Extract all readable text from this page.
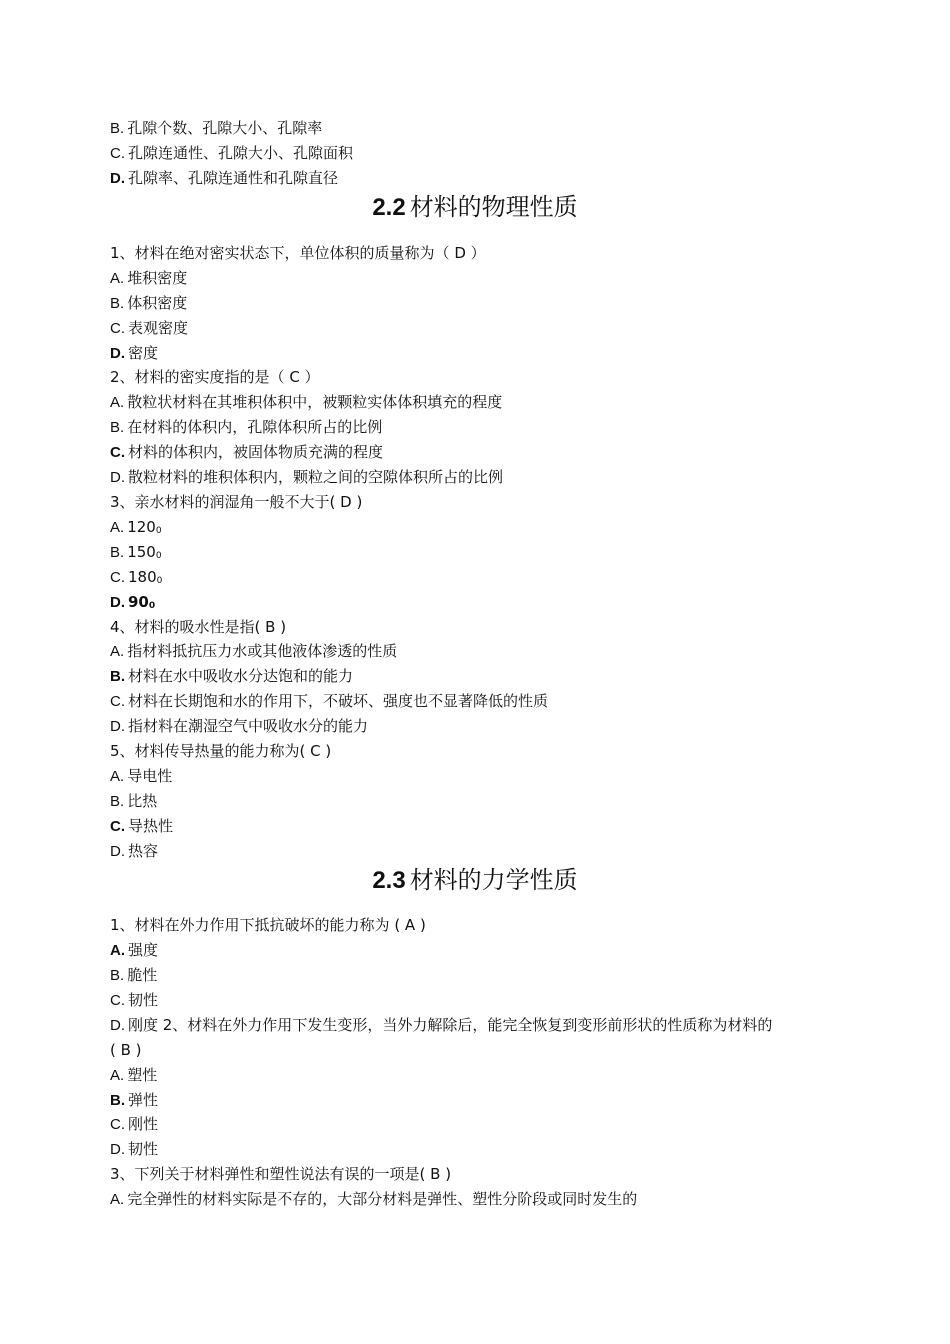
B. 孔隙个数、孔隙大小、孔隙率
C. 孔隙连通性、孔隙大小、孔隙面积
D. 孔隙率、孔隙连通性和孔隙直径
2.2 材料的物理性质
1、材料在绝对密实状态下，单位体积的质量称为（ D ）
A. 堆积密度
B. 体积密度
C. 表观密度
D. 密度
2、材料的密实度指的是（ C ）
A. 散粒状材料在其堆积体积中，被颗粒实体体积填充的程度
B. 在材料的体积内，孔隙体积所占的比例
C. 材料的体积内，被固体物质充满的程度
D. 散粒材料的堆积体积内，颗粒之间的空隙体积所占的比例
3、亲水材料的润湿角一般不大于( D )
A. 1200
B. 1500
C. 1800
D. 900
4、材料的吸水性是指( B )
A. 指材料抵抗压力水或其他液体渗透的性质
B. 材料在水中吸收水分达饱和的能力
C. 材料在长期饱和水的作用下，不破坏、强度也不显著降低的性质
D. 指材料在潮湿空气中吸收水分的能力
5、材料传导热量的能力称为( C )
A. 导电性
B. 比热
C. 导热性
D. 热容
2.3 材料的力学性质
1、材料在外力作用下抵抗破坏的能力称为 ( A )
A. 强度
B. 脆性
C. 韧性
D. 刚度 2、材料在外力作用下发生变形，当外力解除后，能完全恢复到变形前形状的性质称为材料的
( B )
A. 塑性
B. 弹性
C. 刚性
D. 韧性
3、下列关于材料弹性和塑性说法有误的一项是( B )
A. 完全弹性的材料实际是不存的，大部分材料是弹性、塑性分阶段或同时发生的
